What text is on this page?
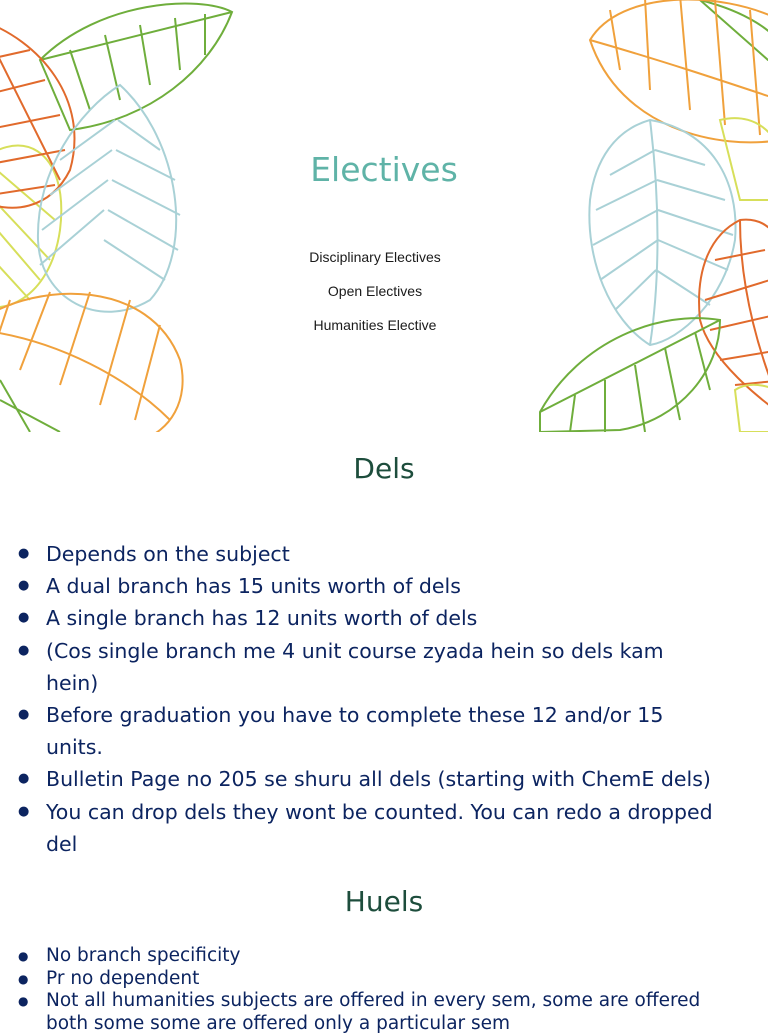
Electives
Disciplinary Electives
Open Electives
Humanities Elective
Dels
● Depends on the subject
● A dual branch has 15 units worth of dels
● A single branch has 12 units worth of dels
● (Cos single branch me 4 unit course zyada hein so dels kam hein)
● Before graduation you have to complete these 12 and/or 15 units.
● Bulletin Page no 205 se shuru all dels (starting with ChemE dels)
● You can drop dels they wont be counted. You can redo a dropped del
Huels
● No branch specificity
● Pr no dependent
● Not all humanities subjects are offered in every sem, some are offered both some some are offered only a particular sem
